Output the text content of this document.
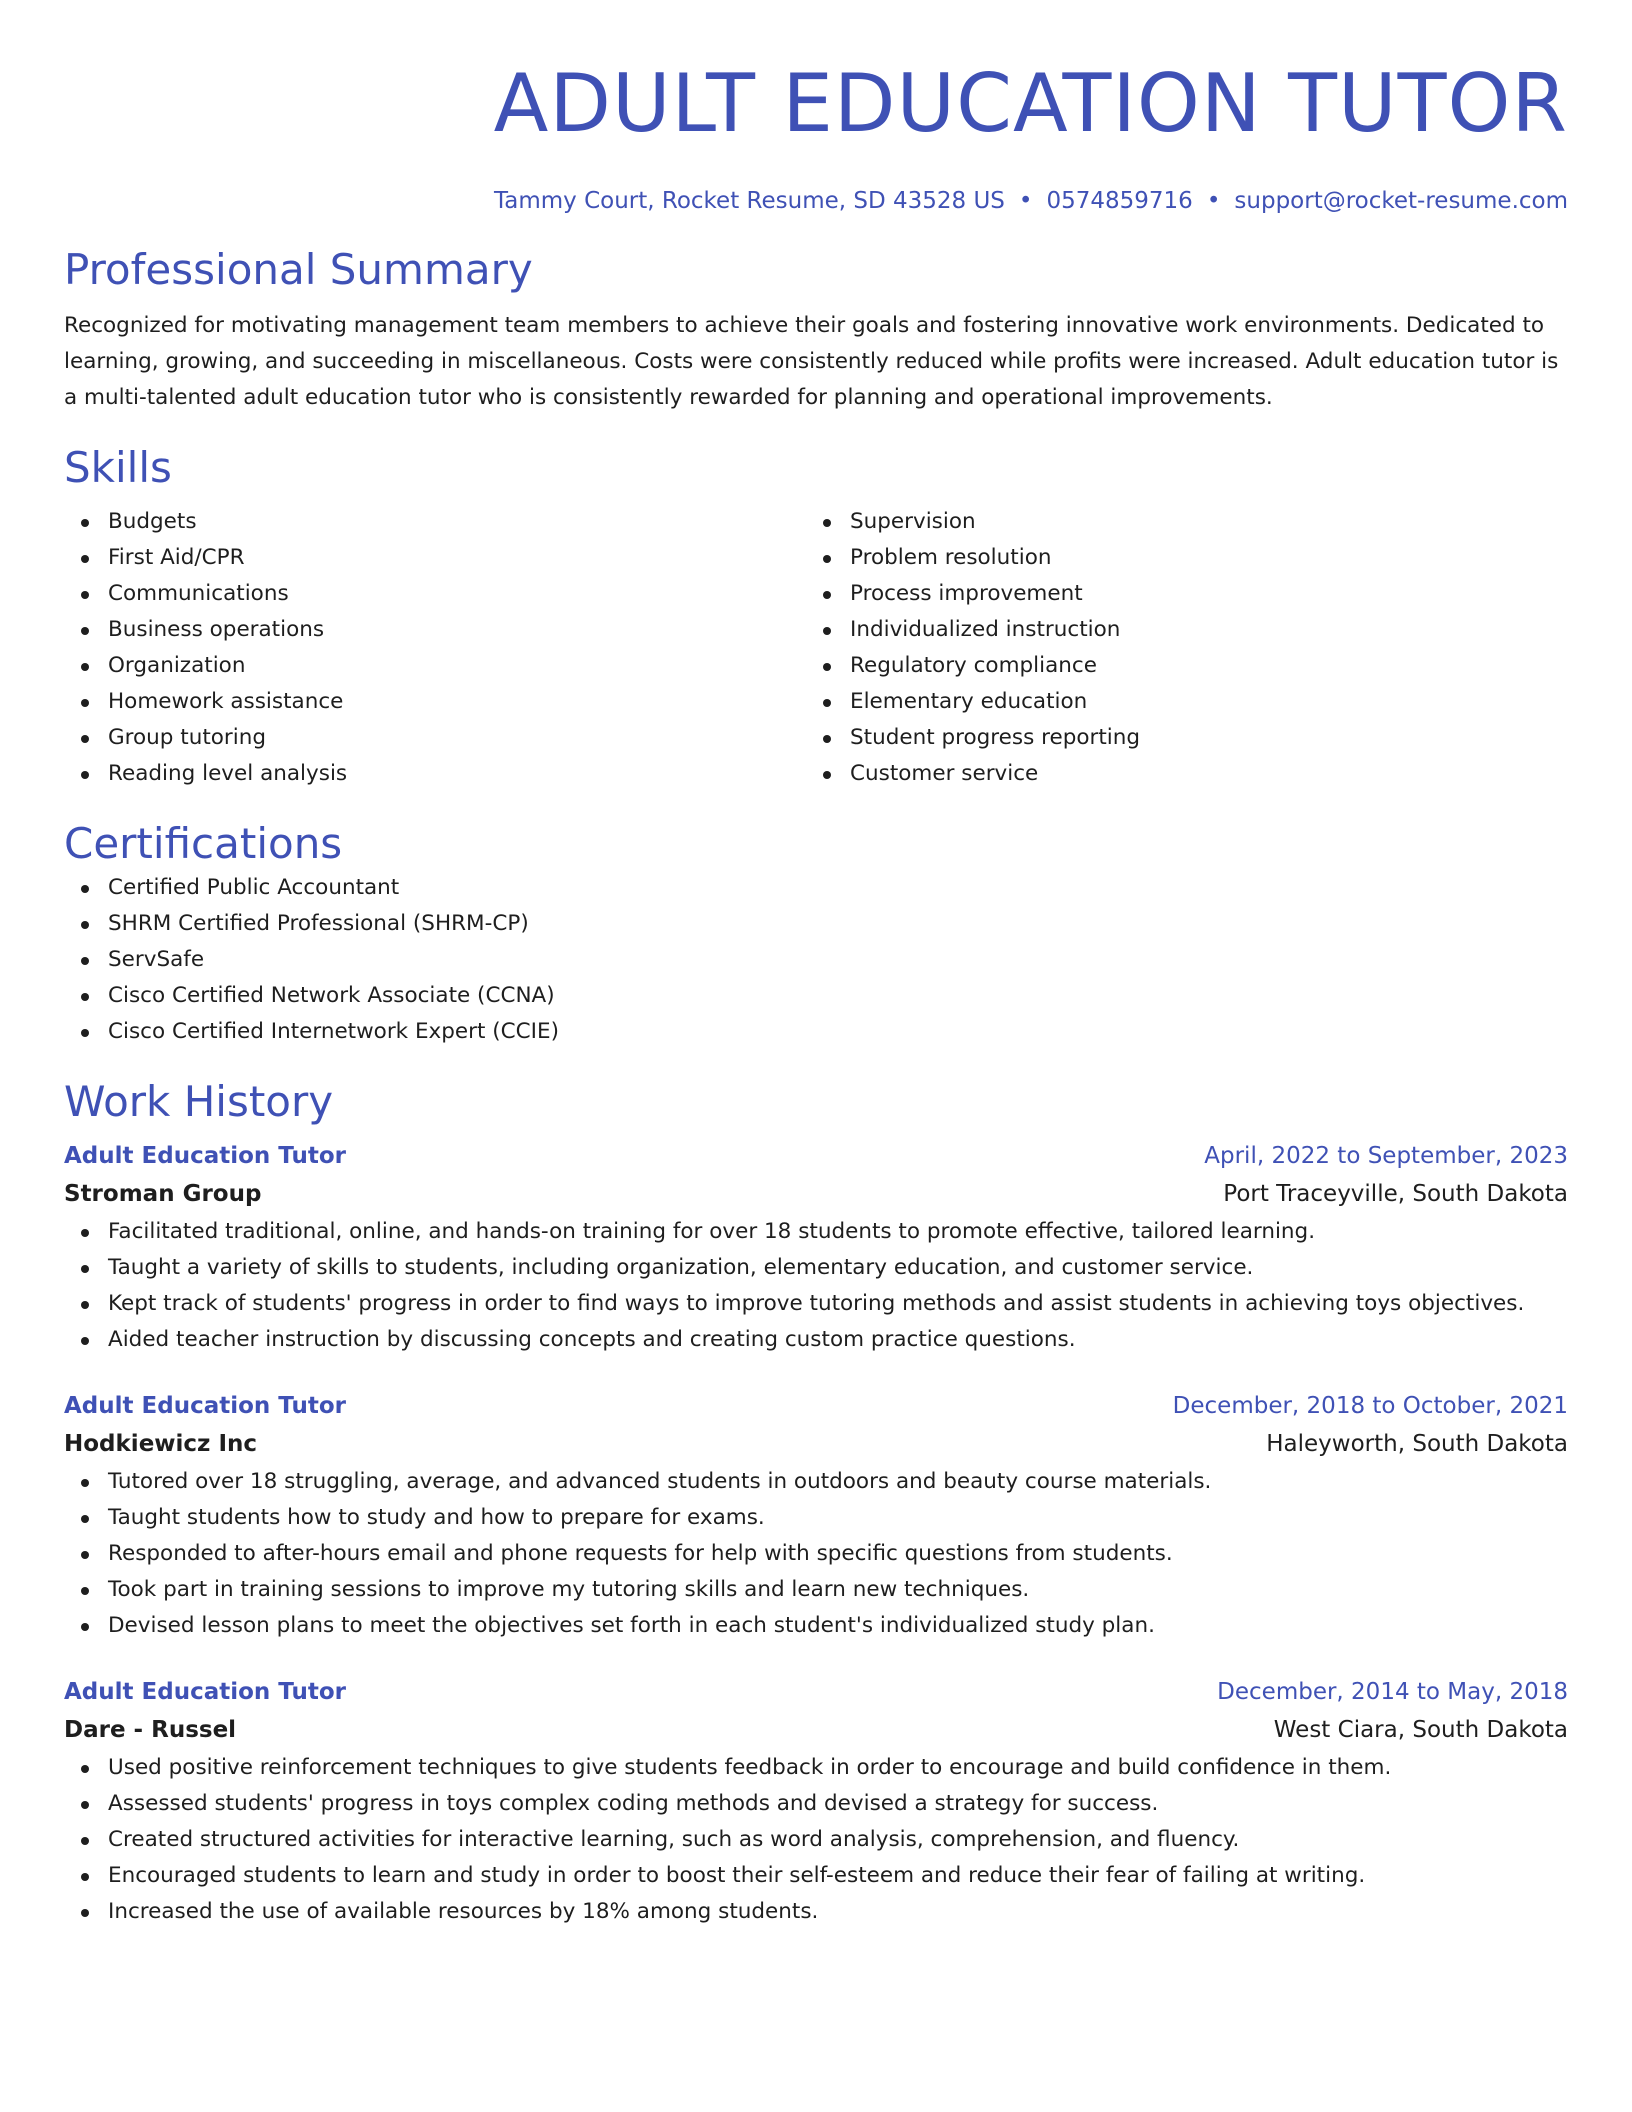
ADULT EDUCATION TUTOR
Tammy Court, Rocket Resume, SD 43528 US • 0574859716 • support@rocket-resume.com
Professional Summary
Recognized for motivating management team members to achieve their goals and fostering innovative work environments. Dedicated to learning, growing, and succeeding in miscellaneous. Costs were consistently reduced while profits were increased. Adult education tutor is a multi-talented adult education tutor who is consistently rewarded for planning and operational improvements.
Skills
Budgets
First Aid/CPR
Communications
Business operations
Organization
Homework assistance
Group tutoring
Reading level analysis
Supervision
Problem resolution
Process improvement
Individualized instruction
Regulatory compliance
Elementary education
Student progress reporting
Customer service
Certifications
Certified Public Accountant
SHRM Certified Professional (SHRM-CP)
ServSafe
Cisco Certified Network Associate (CCNA)
Cisco Certified Internetwork Expert (CCIE)
Work History
Adult Education Tutor	April, 2022 to September, 2023
Stroman Group	Port Traceyville, South Dakota
Facilitated traditional, online, and hands-on training for over 18 students to promote effective, tailored learning.
Taught a variety of skills to students, including organization, elementary education, and customer service.
Kept track of students' progress in order to find ways to improve tutoring methods and assist students in achieving toys objectives.
Aided teacher instruction by discussing concepts and creating custom practice questions.
Adult Education Tutor	December, 2018 to October, 2021
Hodkiewicz Inc	Haleyworth, South Dakota
Tutored over 18 struggling, average, and advanced students in outdoors and beauty course materials.
Taught students how to study and how to prepare for exams.
Responded to after-hours email and phone requests for help with specific questions from students.
Took part in training sessions to improve my tutoring skills and learn new techniques.
Devised lesson plans to meet the objectives set forth in each student's individualized study plan.
Adult Education Tutor	December, 2014 to May, 2018
Dare - Russel	West Ciara, South Dakota
Used positive reinforcement techniques to give students feedback in order to encourage and build confidence in them.
Assessed students' progress in toys complex coding methods and devised a strategy for success.
Created structured activities for interactive learning, such as word analysis, comprehension, and fluency.
Encouraged students to learn and study in order to boost their self-esteem and reduce their fear of failing at writing.
Increased the use of available resources by 18% among students.
